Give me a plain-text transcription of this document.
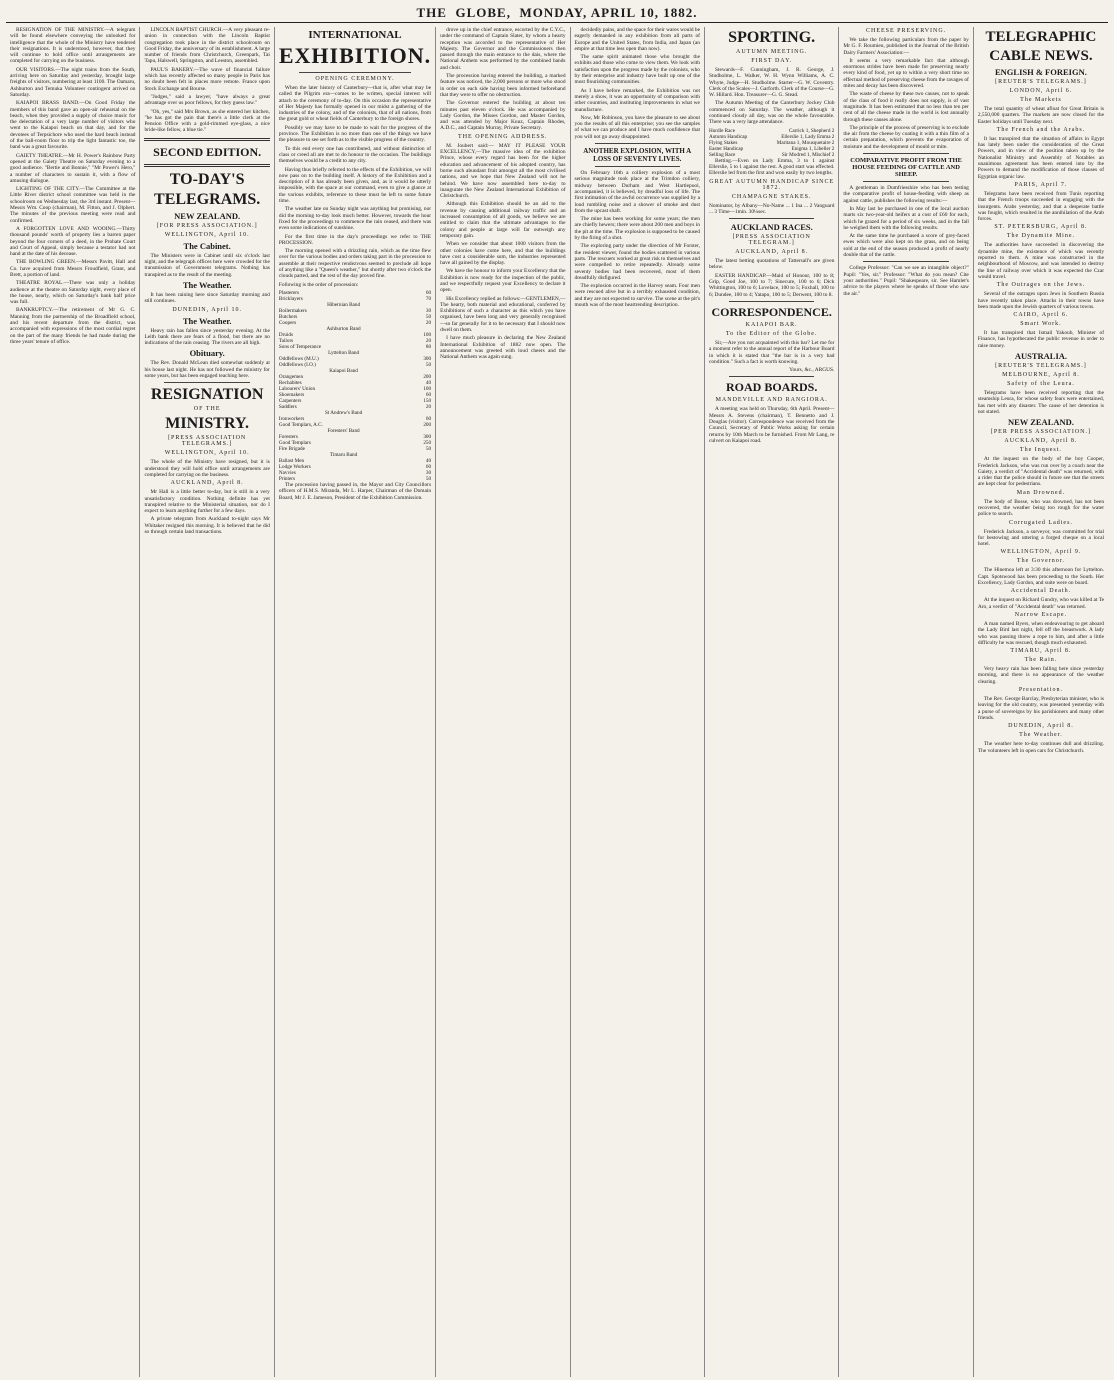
THE
GLOBE,
MONDAY, APRIL 10, 1882.

RESIGNATION OF THE MINISTRY.—A telegram will be found elsewhere conveying the unlooked for intelligence that the whole of the Ministry have tendered their resignations. It is understood, however, that they will continue to hold office until arrangements are completed for carrying on the business.

OUR VISITORS.—The night trains from the South, arriving here on Saturday and yesterday, brought large freights of visitors, numbering at least 1100. The Oamaru, Ashburton and Temuka Volunteer contingent arrived on Saturday.

KAIAPOI BRASS BAND.—On Good Friday the members of this band gave an open-air rehearsal on the beach, when they provided a supply of choice music for the delectation of a very large number of visitors who went to the Kaiapoi beach on that day, and for the devotees of Terpsichore who used the hard beach instead of the ball-room floor to trip the light fantastic toe, the band was a great favourite.

GAIETY THEATRE.—Mr H. Power's Rainbow Party opened at the Gaiety Theatre on Saturday evening to a good audience. "Bertie and Bonnie," "Mr Power's Hero," a number of characters to sustain it, with a flow of amusing dialogue.

LIGHTING OF THE CITY.—The Committee at the Little River district school committee was held in the schoolroom on Wednesday last, the 3rd instant. Present—Messrs Wm. Coop (chairman), M. Fitton, and J. Olphert. The minutes of the previous meeting were read and confirmed.

A FORGOTTEN LOVE AND WOOING.—Thirty thousand pounds' worth of property lies a barren paper beyond the four corners of a deed, in the Probate Court and Court of Appeal, simply because a testator had not hand at the date of his decease.

THE BOWLING GREEN.—Messrs Pavitt, Hall and Co. have acquired from Messrs Froudfield, Grant, and Brett, a portion of land.

THEATRE ROYAL.—There was only a holiday audience at the theatre on Saturday night, every place of the house, nearly, which on Saturday's bank half price was full.

BANKRUPTCY.—The retirement of Mr G. C. Manning from the partnership of the Broadfield school, and his recent departure from the district, was accompanied with expressions of the most cordial regret on the part of the many friends he had made during the three years' tenure of office.

LINCOLN BAPTIST CHURCH.—A very pleasant re-union in connection with the Lincoln Baptist congregation took place in the district schoolroom on Good Friday, the anniversary of its establishment. A large number of friends from Christchurch, Greenpark, Tai Tapu, Halswell, Springston, and Leeston, assembled.

PAUL'S BAKERY.—The wave of financial failure which has recently affected so many people in Paris has no doubt been felt in places more remote. France upon Stock Exchange and Bourse.

"Judges," said a lawyer, "have always a great advantage over us poor fellows, for they guess law."

"Oh, yes," said Mrs Brown, as she entered her kitchen, "he has got the pain that there's a little clerk at the Pension Office with a gold-rimmed eye-glass, a nice bride-like fellow, a blue tie."

SECOND EDITION.
TO-DAY'S
TELEGRAMS.
NEW ZEALAND.
[FOR PRESS ASSOCIATION.]
WELLINGTON, April 10.
The Cabinet.

The Ministers were in Cabinet until six o'clock last night, and the telegraph offices here were crowded for the transmission of Government telegrams. Nothing has transpired as to the result of the meeting.

The Weather.

It has been raining here since Saturday morning and still continues.

DUNEDIN, April 10.
The Weather.

Heavy rain has fallen since yesterday evening. At the Leith bank there are fears of a flood, but there are no indications of the rain ceasing. The rivers are all high.

Obituary.

The Rev. Donald McLean died somewhat suddenly at his house last night. He has not followed the ministry for some years, but has been engaged teaching here.

RESIGNATION
OF THE
MINISTRY.
[PRESS ASSOCIATION TELEGRAMS.]
WELLINGTON, April 10.

The whole of the Ministry have resigned, but it is understood they will hold office until arrangements are completed for carrying on the business.

AUCKLAND, April 8.

Mr Hall is a little better to-day, but is still in a very unsatisfactory condition. Nothing definite has yet transpired relative to the Ministerial situation, nor do I expect to learn anything further for a few days.

A private telegram from Auckland to-night says Mr Whitaker resigned this morning. It is believed that he did so through certain land transactions.

INTERNATIONAL
EXHIBITION.
OPENING CEREMONY.

When the later history of Canterbury—that is, after what may be called the Pilgrim era—comes to be written, special interest will attach to the ceremony of to-day. On this occasion the representative of Her Majesty has formally opened in our midst a gathering of the industries of the colony, and of the colonists, that of all nations, from the great gold or wheat fields of Canterbury to the foreign shores.

Possibly we may have to be made to wait for the progress of the province. The Exhibition is no more than one of the things we have the pleasure to see set forth as to the visible progress of the country.

To this end every one has contributed, and without distinction of class or creed all are met to do honour to the occasion. The buildings themselves would be a credit to any city.

Having thus briefly referred to the effects of the Exhibition, we will now pass on to the building itself. A history of the Exhibition and a description of it has already been given, and, as it would be utterly impossible, with the space at our command, even to give a glance at the various exhibits, reference to these must be left to some future time.

The weather late on Sunday night was anything but promising, nor did the morning to-day look much better. However, towards the hour fixed for the proceedings to commence the rain ceased, and there was even some indications of sunshine.

For the first time in the day's proceedings we refer to THE PROCESSION.

The morning opened with a drizzling rain, which as the time flew over for the various bodies and orders taking part in the procession to assemble at their respective rendezvous seemed to preclude all hope of anything like a "Queen's weather," but shortly after two o'clock the clouds parted, and the rest of the day proved fine.

Following is the order of procession:

Plasterers	60
Bricklayers	70
Hibernian Band	
Boilermakers	30
Butchers	50
Coopers	20
Ashburton Band	
Druids	100
Tailors	20
Sons of Temperance	80
Lyttelton Band	
Oddfellows (M.U.)	300
Oddfellows (I.O.)	50
Kaiapoi Band	
Orangemen	200
Rechabites	40
Labourers' Union	100
Shoemakers	60
Carpenters	150
Saddlers	20
St Andrew's Band	
Ironworkers	60
Good Templars, A.C.	200
Foresters' Band	
Foresters	300
Good Templars	250
Fire Brigade	50
Timaru Band	
Ballast Men	40
Lodge Workers	60
Navvies	30
Printers	50

The procession having passed in, the Mayor and City Councillors officers of H.M.S. Miranda, Mr L. Harper, Chairman of the Domain Board, Mr J. E. Jameson, President of the Exhibition Commission.

drove up in the chief entrance, escorted by the C.Y.C., under the command of Captain Slater, by whom a hearty reception was accorded to the representative of Her Majesty. The Governor and the Commissioners then passed through the main entrance to the dais, where the National Anthem was performed by the combined bands and choir.

The procession having entered the building, a marked feature was noticed, the 2,000 persons or more who stood in order on each side having been informed beforehand that they were to offer no obstruction.

The Governor entered the building at about ten minutes past eleven o'clock. He was accompanied by Lady Gordon, the Misses Gordon, and Master Gordon, and was attended by Major Kuuz, Captain Rhodes, A.D.C., and Captain Murray, Private Secretary.

THE OPENING ADDRESS.

M. Joubert said:— MAY IT PLEASE YOUR EXCELLENCY,—The massive idea of the exhibition Prince, whose every regard has been for the higher education and advancement of his adopted country, has borne such abundant fruit amongst all the most civilised nations, and we hope that New Zealand will not be behind. We have now assembled here to-day to inaugurate the New Zealand International Exhibition of Christchurch.

Although this Exhibition should be an aid to the revenue by causing additional railway traffic and an increased consumption of all goods, we believe we are entitled to claim that the ultimate advantages to the colony and people at large will far outweigh any temporary gain.

When we consider that about 1000 visitors from the other colonies have come here, and that the buildings have cost a considerable sum, the industries represented have all gained by the display.

We have the honour to inform your Excellency that the Exhibition is now ready for the inspection of the public, and we respectfully request your Excellency to declare it open.

His Excellency replied as follows:—GENTLEMEN,—The hearty, both material and educational, conferred by Exhibitions of such a character as this which you have organised, have been long and very generally recognised—so far generally for it to be necessary that I should now dwell on them.

I have much pleasure in declaring the New Zealand International Exhibition of 1882 now open. The announcement was greeted with loud cheers and the National Anthem was again sung.

decidedly pains, and the space for their wares would be eagerly demanded in any exhibition from all parts of Europe and the United States, from India, and Japan (an empire at that time less open than now).

The same spirit animated those who brought the exhibits and those who come to view them. We look with satisfaction upon the progress made by the colonists, who by their enterprise and industry have built up one of the most flourishing communities.

As I have before remarked, the Exhibition was not merely a show, it was an opportunity of comparison with other countries, and instituting improvements in what we manufacture.

Now, Mr Robinson, you have the pleasure to see about you the results of all this enterprise; you see the samples of what we can produce and I have much confidence that you will not go away disappointed.

ANOTHER EXPLOSION, WITH A LOSS OF SEVENTY LIVES.

On February 16th a colliery explosion of a most serious magnitude took place at the Trimdon colliery, midway between Durham and West Hartlepool, accompanied, it is believed, by dreadful loss of life. The first intimation of the awful occurrence was supplied by a loud rumbling noise and a shower of smoke and dust from the upcast shaft.

The mine has been working for some years; the men are chiefly hewers; there were about 200 men and boys in the pit at the time. The explosion is supposed to be caused by the firing of a shot.

The exploring party under the direction of Mr Forster, the resident viewer, found the bodies scattered in various parts. The rescuers worked at great risk to themselves and were compelled to retire repeatedly. Already some seventy bodies had been recovered, most of them dreadfully disfigured.

The explosion occurred in the Harvey seam. Four men were rescued alive but in a terribly exhausted condition, and they are not expected to survive. The scene at the pit's mouth was of the most heartrending description.

SPORTING.
AUTUMN MEETING.
FIRST DAY.

Stewards—F. Cunningham, J. R. George, J. Studholme, L. Walker, W. H. Wynn Williams, A. C. Whyte, Judge—H. Studholme. Starter—G. W. Coventry. Clerk of the Scales—J. Garforth. Clerk of the Course—G. W. Hillard. Hon. Treasurer—G. G. Stead.

The Autumn Meeting of the Canterbury Jockey Club commenced on Saturday. The weather, although it continued cloudy all day, was on the whole favourable. There was a very large attendance.

Hurdle Race	Carrick 1, Shepherd 2
Autumn Handicap	Ellerslie 1, Lady Emma 2
Flying Stakes	Maritana 1, Mousquetaire 2
Easter Handicap	Enigma 1, Libeller 2
Selling Race	Sir Modred 1, Mischief 2

Betting.—Even on Lady Emma, 3 to 1 against Ellerslie, 5 to 1 against the rest. A good start was effected. Ellerslie led from the first and won easily by two lengths.

GREAT AUTUMN HANDICAP SINCE 1872.
CHAMPAGNE STAKES.

Nominator, by Albany—No-Name ... 1 Ina ... 2 Vanguard ... 3 Time—1min. 30¼sec.

AUCKLAND RACES.
[PRESS ASSOCIATION TELEGRAM.]
AUCKLAND, April 8.

The latest betting quotations of Tattersall's are given below.

EASTER HANDICAP.—Maid of Honour, 100 to 8; Grip, Good Joe, 100 to 7; Sinecure, 100 to 6; Dick Whittington, 100 to 6; Lovelace, 100 to 5; Foxhall, 100 to 6; Dundee, 100 to 4; Yatapo, 100 to 5; Derwent, 100 to 8.

CORRESPONDENCE.
KAIAPOI BAR.
To the Editor of the Globe.

Sir,—Are you not acquainted with this bar? Let me for a moment refer to the annual report of the Harbour Board in which it is stated that "the bar is in a very bad condition." Such a fact is worth knowing.

Yours, &c., ARGUS.

ROAD BOARDS.
MANDEVILLE AND RANGIORA.

A meeting was held on Thursday, 6th April. Present—Messrs A. Stevens (chairman), T. Bennetto and J. Douglas (visitor). Correspondence was received from the Council, Secretary of Public Works asking for certain returns by 10th March to be furnished. From Mr Lang, re culvert on Kaiapoi road.

CHEESE PRESERVING.

We take the following particulars from the paper by Mr G. F. Roumieu, published in the Journal of the British Dairy Farmers' Association:—

It seems a very remarkable fact that although enormous strides have been made for preserving nearly every kind of food, yet up to within a very short time no effectual method of preserving cheese from the ravages of mites and decay has been discovered.

The waste of cheese by these two causes, not to speak of the class of food it really does not supply, is of vast magnitude. It has been estimated that no less than ten per cent of all the cheese made in the world is lost annually through these causes alone.

The principle of the process of preserving is to exclude the air from the cheese by coating it with a thin film of a certain preparation, which prevents the evaporation of moisture and the development of mould or mite.

COMPARATIVE PROFIT FROM THE HOUSE FEEDING OF CATTLE AND SHEEP.

A gentleman in Dumfriesshire who has been testing the comparative profit of house-feeding with sheep as against cattle, publishes the following results:—

In May last he purchased in one of the local auction marts six two-year-old heifers at a cost of £60 for each, which he grazed for a period of six weeks, and in the fall he weighed them with the following results.

At the same time he purchased a score of grey-faced ewes which were also kept on the grass, and on being sold at the end of the season produced a profit of nearly double that of the cattle.

College Professor: "Can we see an intangible object?" Pupil: "Yes, sir." Professor: "What do you mean? Cite your authorities." Pupil: "Shakespeare, sir. See Hamlet's advice to the players where he speaks of those who saw the air."

TELEGRAPHIC
CABLE NEWS.
ENGLISH & FOREIGN.
[REUTER'S TELEGRAMS.]
LONDON, April 6.
The Markets

The total quantity of wheat afloat for Great Britain is 2,550,000 quarters. The markets are now closed for the Easter holidays until Tuesday next.

The French and the Arabs.

It has transpired that the situation of affairs in Egypt has lately been under the consideration of the Great Powers, and in view of the position taken up by the Nationalist Ministry and Assembly of Notables an unanimous agreement has been entered into by the Powers to demand the modification of those clauses of Egyptian organic law.

PARIS, April 7.

Telegrams have been received from Tunis reporting that the French troops succeeded in engaging with the insurgents. Arabs yesterday, and that a desperate battle was fought, which resulted in the annihilation of the Arab forces.

ST. PETERSBURG, April 8.
The Dynamite Mine.

The authorities have succeeded in discovering the dynamite mine, the existence of which was recently reported to them. A mine was constructed in the neighbourhood of Moscow, and was intended to destroy the line of railway over which it was expected the Czar would travel.

The Outrages on the Jews.

Several of the outrages upon Jews in Southern Russia have recently taken place. Attacks in their towns have been made upon the Jewish quarters of various towns.

CAIRO, April 6.
Smart Work.

It has transpired that Ismail Yakoub, Minister of Finance, has hypothecated the public revenue in order to raise money.

AUSTRALIA.
[REUTER'S TELEGRAMS.]
MELBOURNE, April 8.
Safety of the Leura.

Telegrams have been received reporting that the steamship Leura, for whose safety fears were entertained, has met with any disaster. The cause of her detention is not stated.

NEW ZEALAND.
[PER PRESS ASSOCIATION.]
AUCKLAND, April 8.
The Inquest.

At the inquest on the body of the boy Cooper, Frederick Jackson, who was run over by a coach near the Gaiety, a verdict of "Accidental death" was returned, with a rider that the police should in future see that the streets are kept clear for pedestrians.

Man Drowned.

The body of Bosse, who was drowned, has not been recovered, the weather being too rough for the water police to search.

Corrugated Ladies.

Frederick Jackson, a surveyor, was committed for trial for bestowing and uttering a forged cheque on a local hotel.

WELLINGTON, April 9.
The Governor.

The Hinemoa left at 3:30 this afternoon for Lyttelton. Capt. Spotswood has been proceeding to the South. Her Excellency, Lady Gordon, and suite were on board.

Accidental Death.

At the inquest on Richard Gundry, who was killed at Te Aro, a verdict of "Accidental death" was returned.

Narrow Escape.

A man named Byers, when endeavouring to get aboard the Lady Bird last night, fell off the breastwork. A lady who was passing threw a rope to him, and after a little difficulty he was rescued, though much exhausted.

TIMARU, April 8.
The Rain.

Very heavy rain has been falling here since yesterday morning, and there is no appearance of the weather clearing.

Presentation.

The Rev. George Barclay, Presbyterian minister, who is leaving for the old country, was presented yesterday with a purse of sovereigns by his parishioners and many other friends.

DUNEDIN, April 8.
The Weather.

The weather here to-day continues dull and drizzling. The volunteers left in open cars for Christchurch.
